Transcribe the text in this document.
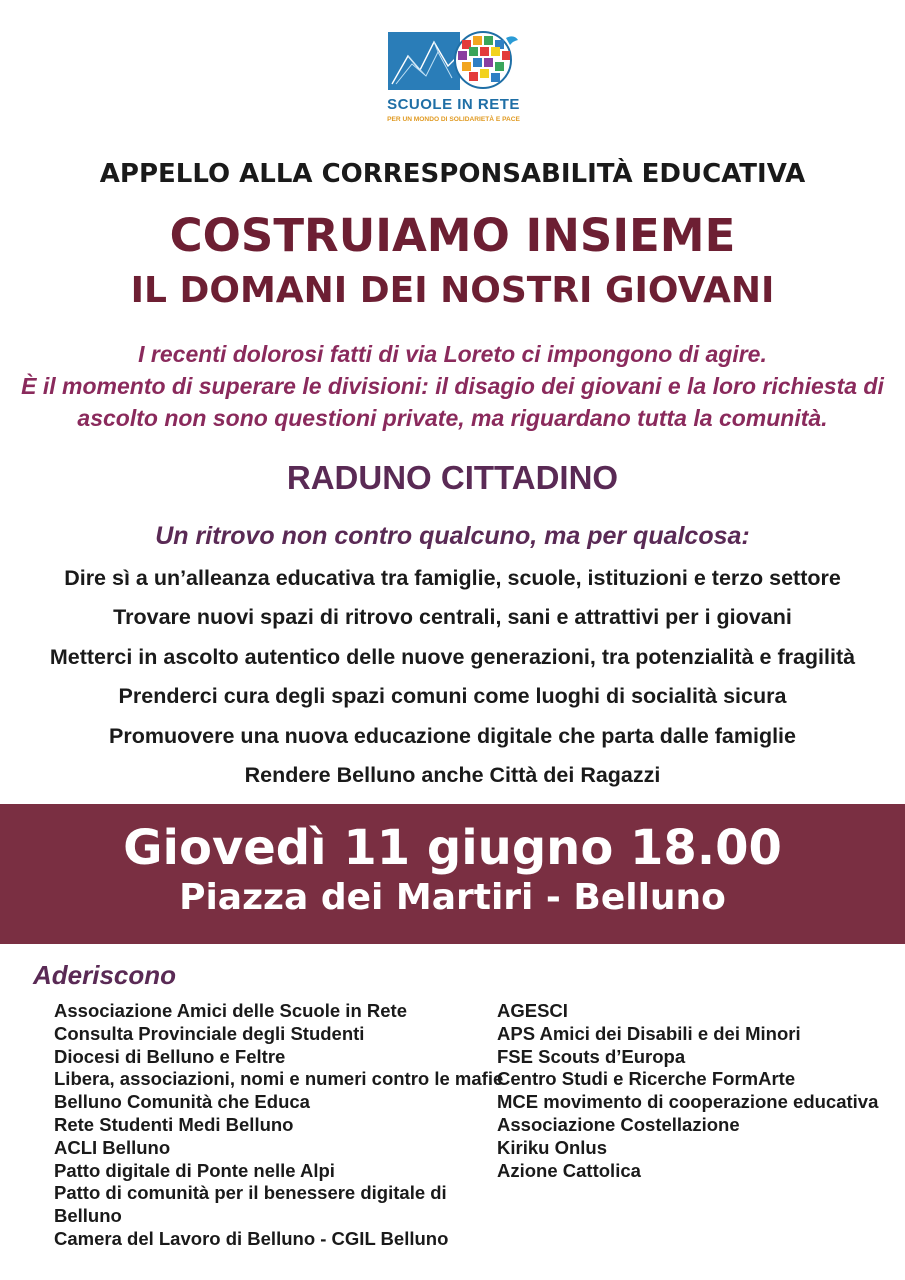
SCUOLE IN RETE
PER UN MONDO DI SOLIDARIETÀ E PACE
APPELLO ALLA CORRESPONSABILITÀ EDUCATIVA
COSTRUIAMO INSIEME
IL DOMANI DEI NOSTRI GIOVANI
I recenti dolorosi fatti di via Loreto ci impongono di agire.
È il momento di superare le divisioni: il disagio dei giovani e la loro richiesta di
ascolto non sono questioni private, ma riguardano tutta la comunità.
RADUNO CITTADINO
Un ritrovo non contro qualcuno, ma per qualcosa:
Dire sì a un’alleanza educativa tra famiglie, scuole, istituzioni e terzo settore
Trovare nuovi spazi di ritrovo centrali, sani e attrattivi per i giovani
Metterci in ascolto autentico delle nuove generazioni, tra potenzialità e fragilità
Prenderci cura degli spazi comuni come luoghi di socialità sicura
Promuovere una nuova educazione digitale che parta dalle famiglie
Rendere Belluno anche Città dei Ragazzi
Giovedì 11 giugno 18.00
Piazza dei Martiri - Belluno
Aderiscono
Associazione Amici delle Scuole in Rete
Consulta Provinciale degli Studenti
Diocesi di Belluno e Feltre
Libera, associazioni, nomi e numeri contro le mafie
Belluno Comunità che Educa
Rete Studenti Medi Belluno
ACLI Belluno
Patto digitale di Ponte nelle Alpi
Patto di comunità per il benessere digitale di
Belluno
Camera del Lavoro di Belluno - CGIL Belluno
AGESCI
APS Amici dei Disabili e dei Minori
FSE Scouts d’Europa
Centro Studi e Ricerche FormArte
MCE movimento di cooperazione educativa
Associazione Costellazione
Kiriku Onlus
Azione Cattolica
